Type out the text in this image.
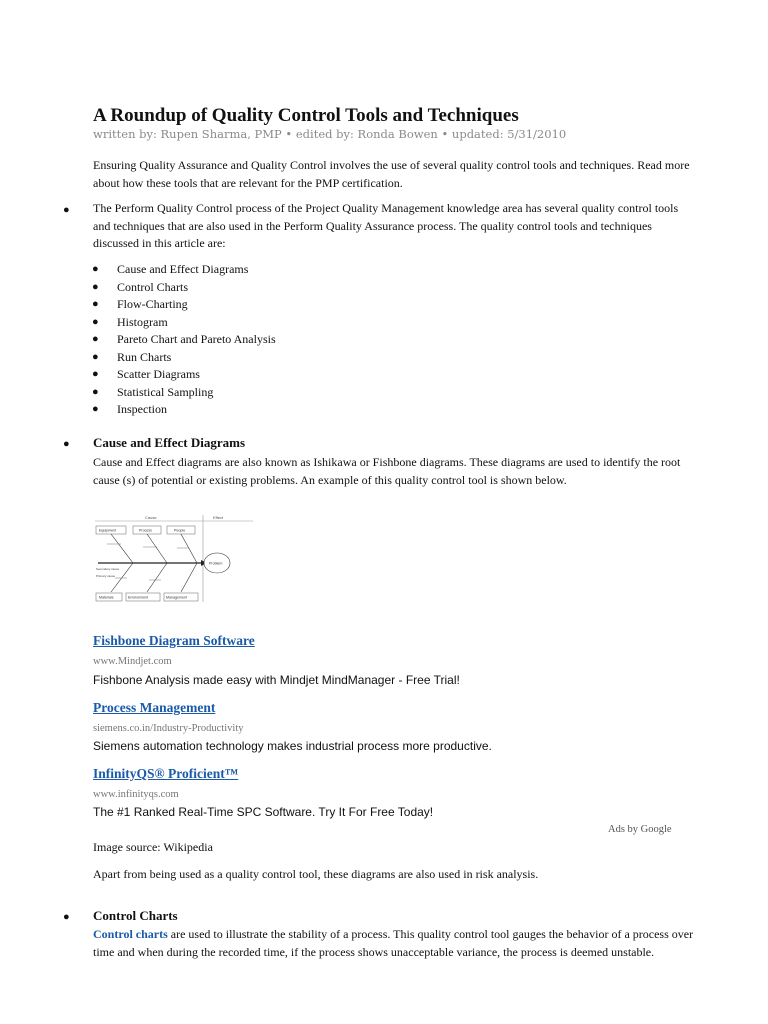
A Roundup of Quality Control Tools and Techniques
written by: Rupen Sharma, PMP • edited by: Ronda Bowen • updated: 5/31/2010
Ensuring Quality Assurance and Quality Control involves the use of several quality control tools and techniques. Read more
about how these tools that are relevant for the PMP certification.
● The Perform Quality Control process of the Project Quality Management knowledge area has several quality control tools
and techniques that are also used in the Perform Quality Assurance process. The quality control tools and techniques
discussed in this article are:
● Cause and Effect Diagrams
● Control Charts
● Flow-Charting
● Histogram
● Pareto Chart and Pareto Analysis
● Run Charts
● Scatter Diagrams
● Statistical Sampling
● Inspection
● Cause and Effect Diagrams
Cause and Effect diagrams are also known as Ishikawa or Fishbone diagrams. These diagrams are used to identify the root
cause (s) of potential or existing problems. An example of this quality control tool is shown below.
Cause	Effect
Equipment	Process	People
Secondary cause
Primary cause
Problem
Materials	Environment	Management
Fishbone Diagram Software
www.Mindjet.com
Fishbone Analysis made easy with Mindjet MindManager - Free Trial!
Process Management
siemens.co.in/Industry-Productivity
Siemens automation technology makes industrial process more productive.
InfinityQS® Proficient™
www.infinityqs.com
The #1 Ranked Real-Time SPC Software. Try It For Free Today!
Ads by Google
Image source: Wikipedia
Apart from being used as a quality control tool, these diagrams are also used in risk analysis.
● Control Charts
Control charts are used to illustrate the stability of a process. This quality control tool gauges the behavior of a process over
time and when during the recorded time, if the process shows unacceptable variance, the process is deemed unstable.
